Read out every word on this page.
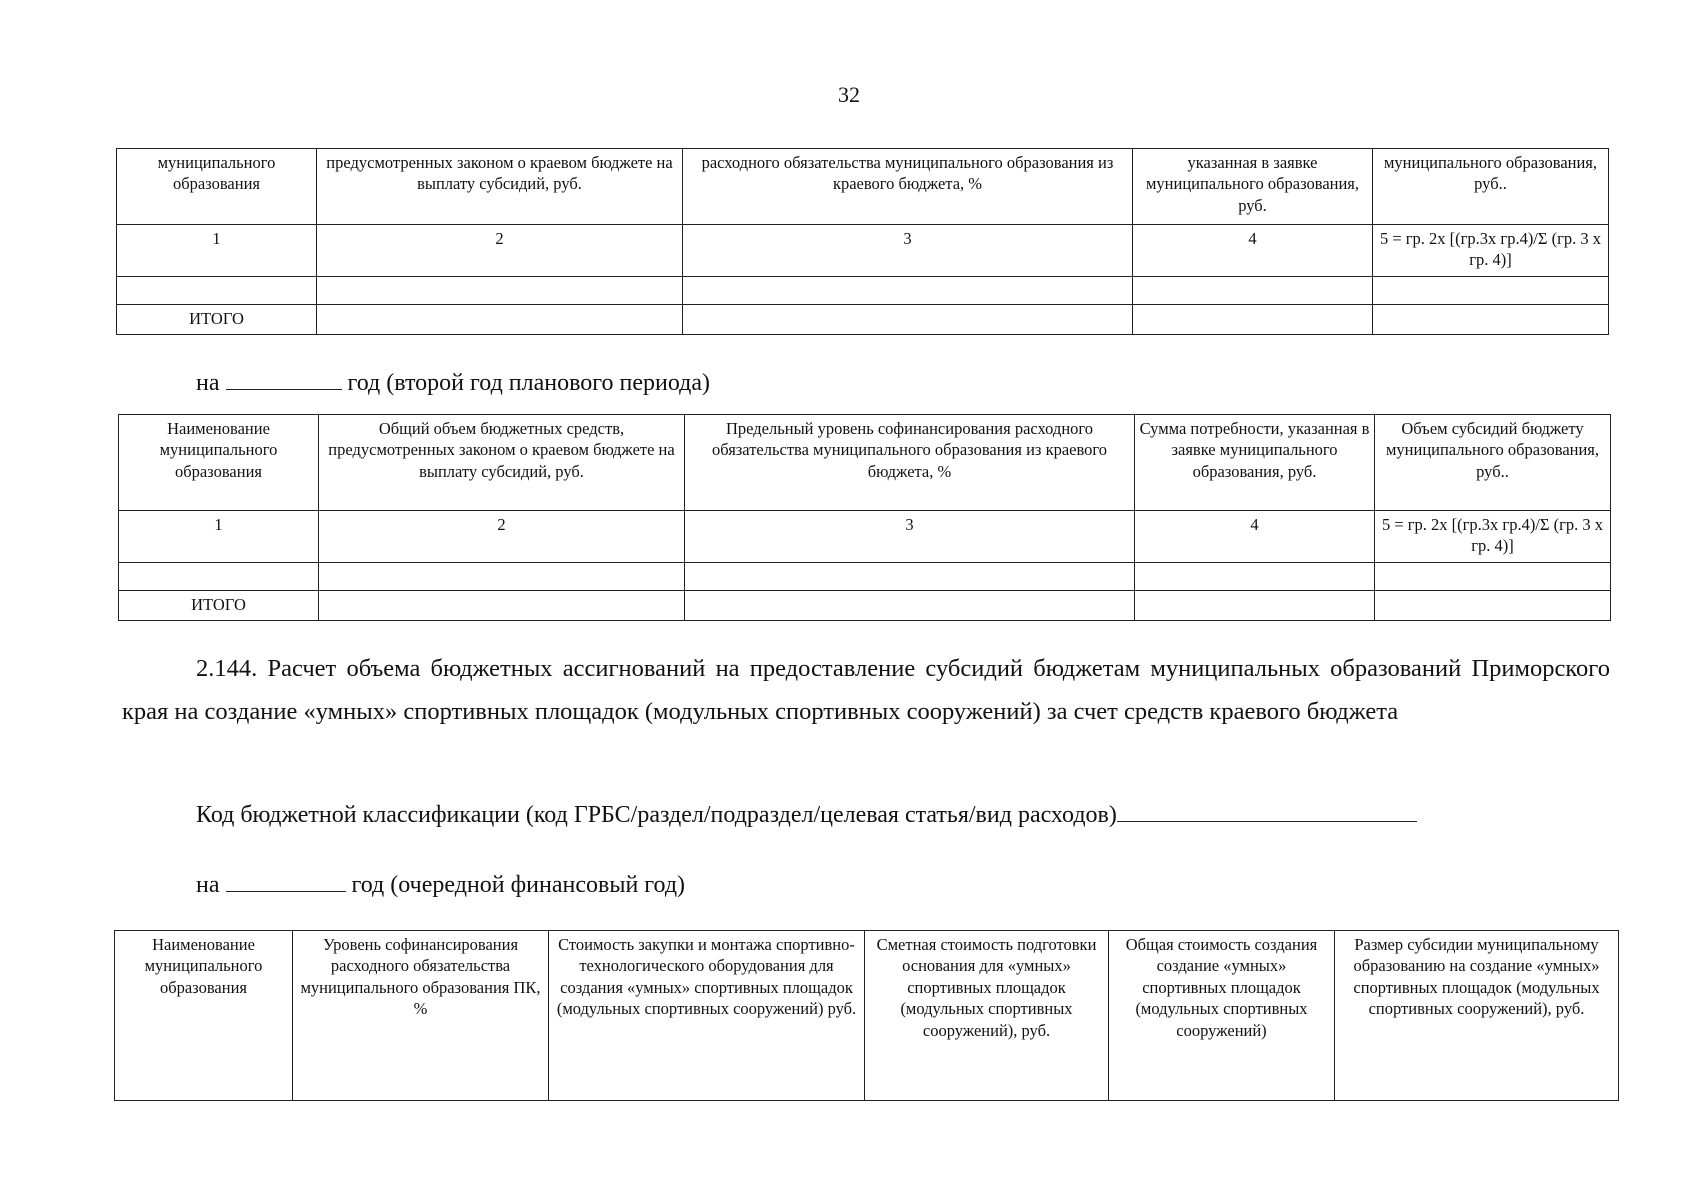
32
муниципального образования	предусмотренных законом о краевом бюджете на выплату субсидий, руб.	расходного обязательства муниципального образования из краевого бюджета, %	указанная в заявке муниципального образования, руб.	муниципального образования, руб..
1	2	3	4	5 = гр. 2х [(гр.3х гр.4)/Σ (гр. 3 х гр. 4)]

ИТОГО				
на	год (второй год планового периода)
Наименование муниципального образования	Общий объем бюджетных средств, предусмотренных законом о краевом бюджете на выплату субсидий, руб.	Предельный уровень софинансирования расходного обязательства муниципального образования из краевого бюджета, %	Сумма потребности, указанная в заявке муниципального образования, руб.	Объем субсидий бюджету муниципального образования, руб..
1	2	3	4	5 = гр. 2х [(гр.3х гр.4)/Σ (гр. 3 х гр. 4)]

ИТОГО				
2.144. Расчет объема бюджетных ассигнований на предоставление субсидий бюджетам муниципальных образований Приморского края на создание «умных» спортивных площадок (модульных спортивных сооружений) за счет средств краевого бюджета
Код бюджетной классификации (код ГРБС/раздел/подраздел/целевая статья/вид расходов)
на	год (очередной финансовый год)
Наименование муниципального образования	Уровень софинансирования расходного обязательства муниципального образования ПК, %	Стоимость закупки и монтажа спортивно-технологического оборудования для создания «умных» спортивных площадок (модульных спортивных сооружений) руб.	Сметная стоимость подготовки основания для «умных» спортивных площадок (модульных спортивных сооружений), руб.	Общая стоимость создания создание «умных» спортивных площадок (модульных спортивных сооружений)	Размер субсидии муниципальному образованию на создание «умных» спортивных площадок (модульных спортивных сооружений), руб.
